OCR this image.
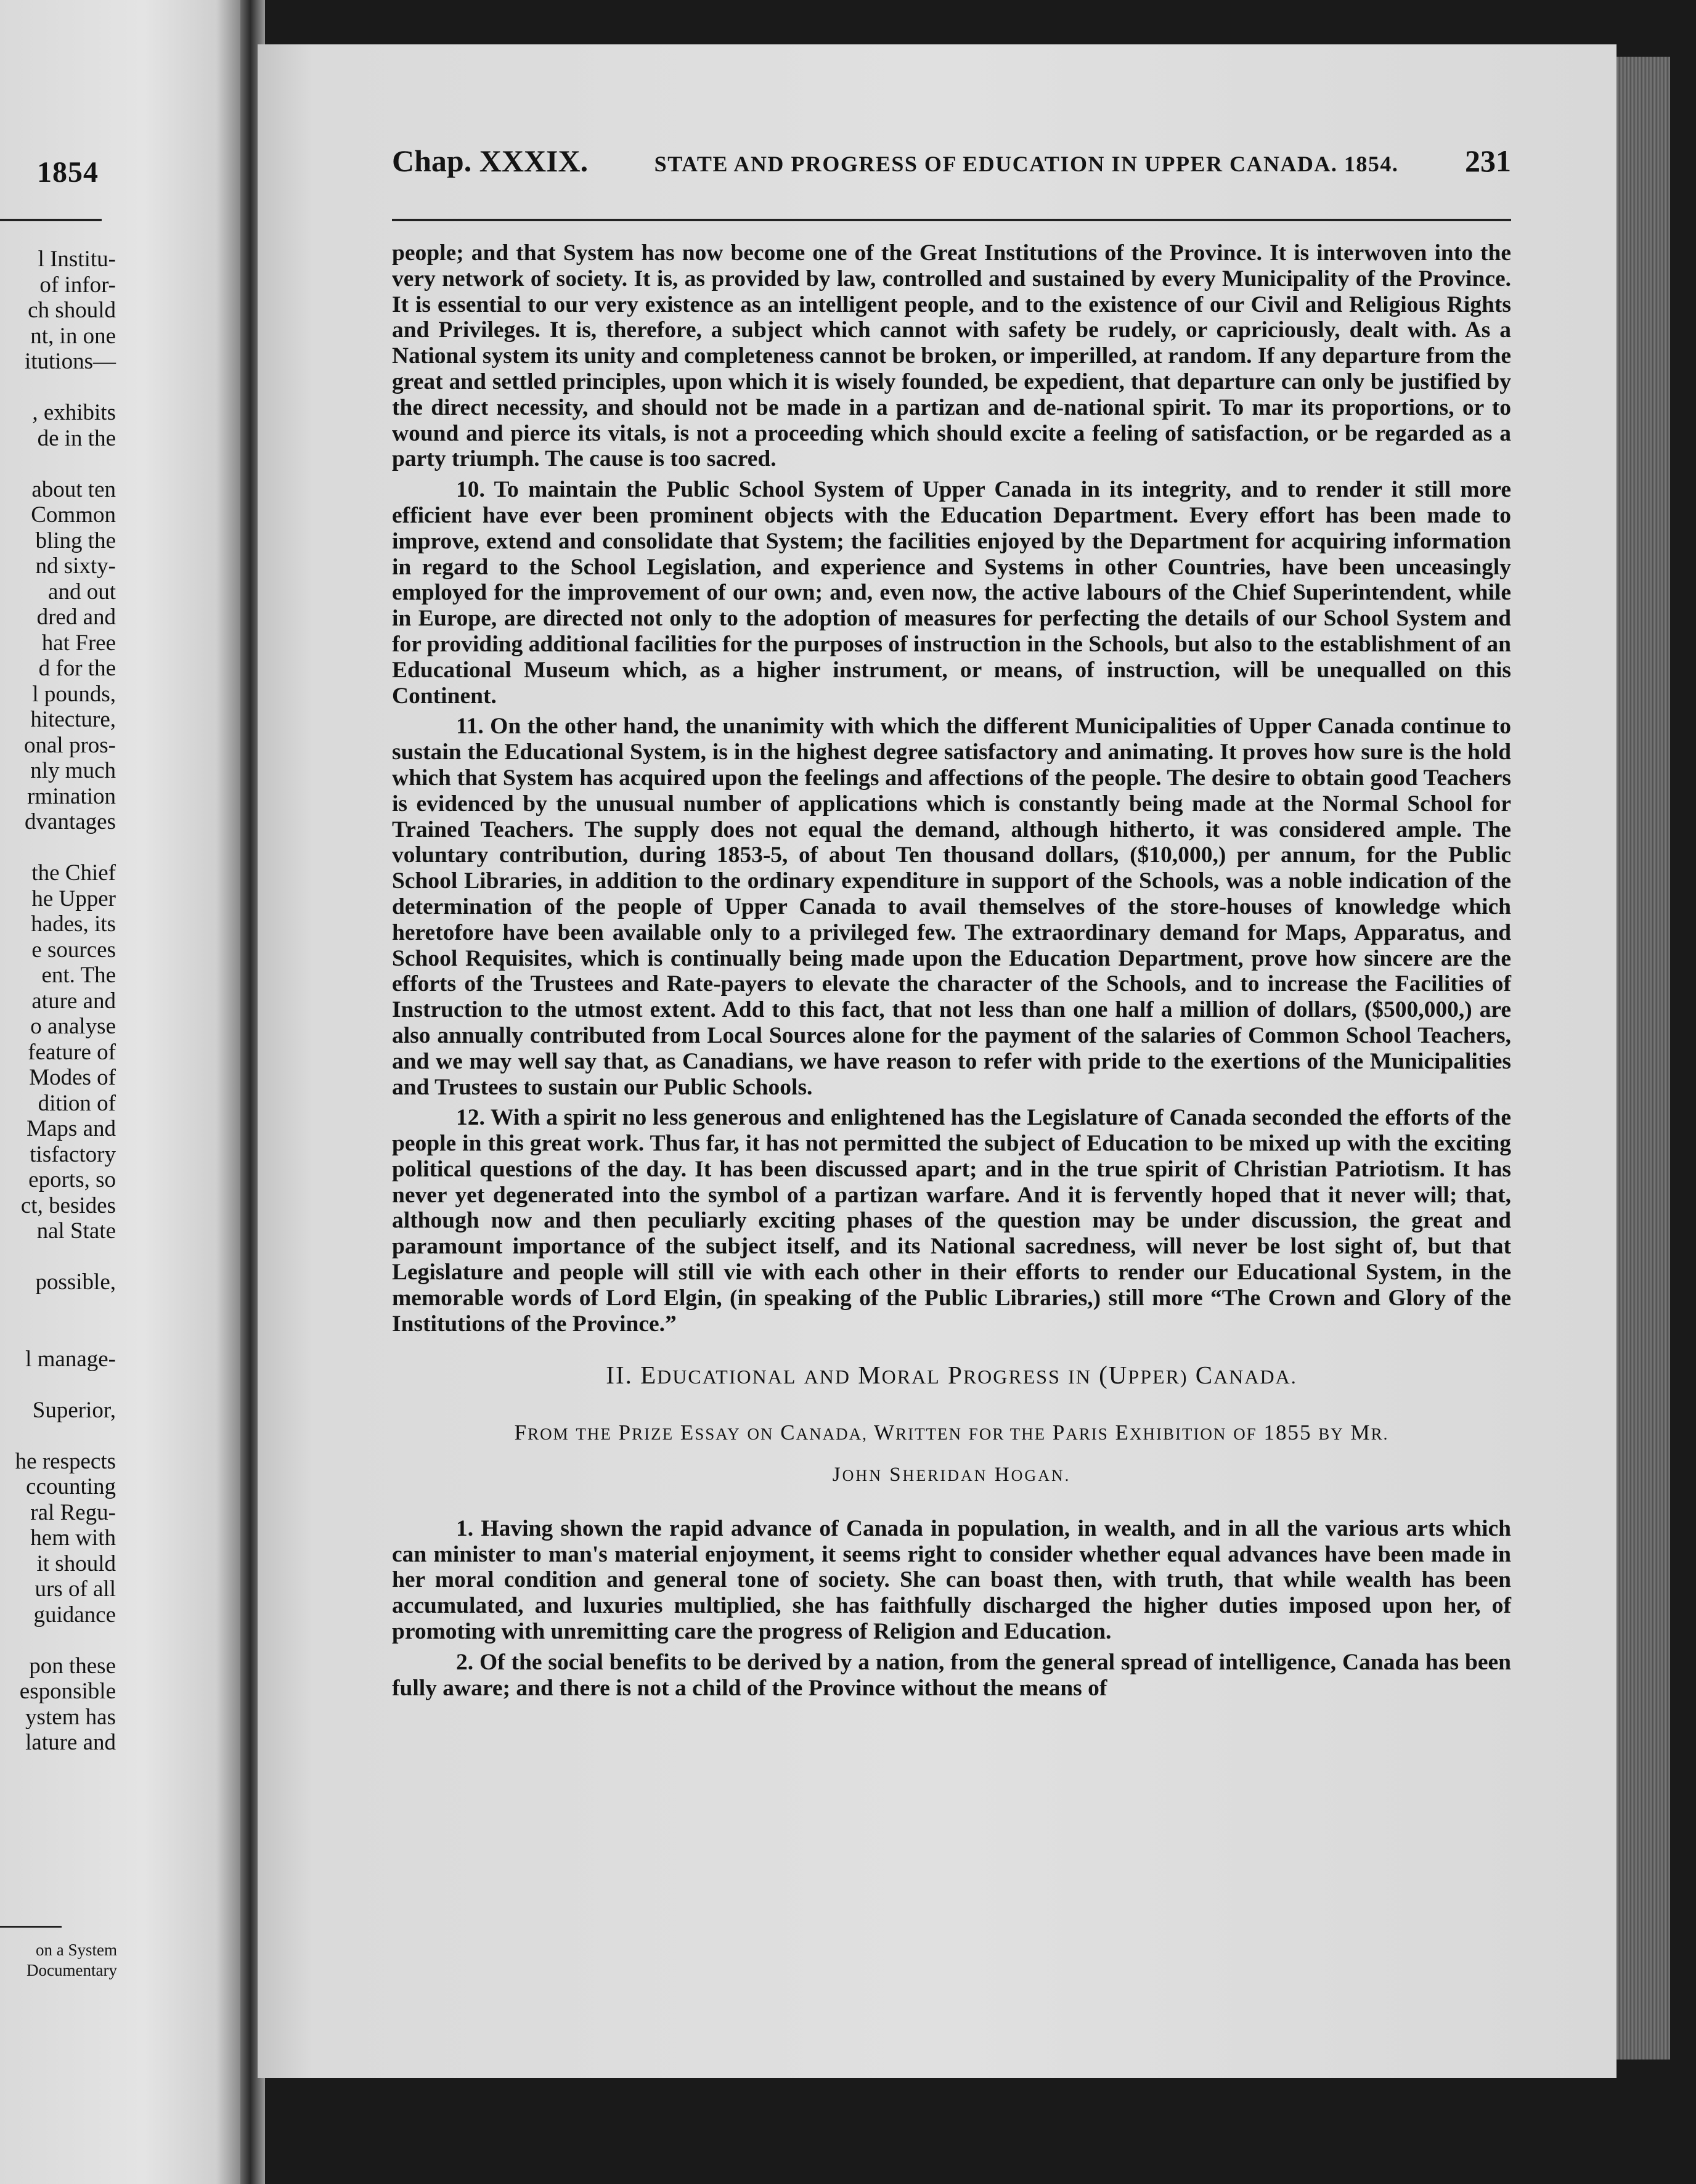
1854
l Institu-
of infor-
ch should
nt, in one
itutions—
, exhibits
de in the
about ten
Common
bling the
nd sixty-
and out
dred and
hat Free
d for the
l pounds,
hitecture,
onal pros-
nly much
rmination
dvantages
the Chief
he Upper
hades, its
e sources
ent. The
ature and
o analyse
feature of
Modes of
dition of
Maps and
tisfactory
eports, so
ct, besides
nal State
possible,
l manage-
Superior,
he respects
ccounting
ral Regu-
hem with
it should
urs of all
guidance
pon these
esponsible
ystem has
lature and
on a System
Documentary
Chap. XXXIX.	STATE AND PROGRESS OF EDUCATION IN UPPER CANADA. 1854. 231

people; and that System has now become one of the Great Institutions of the Province. It is interwoven into the very network of society. It is, as provided by law, controlled and sustained by every Municipality of the Province. It is essential to our very existence as an intelligent people, and to the existence of our Civil and Religious Rights and Privileges. It is, therefore, a subject which cannot with safety be rudely, or capriciously, dealt with. As a National system its unity and completeness cannot be broken, or imperilled, at random. If any departure from the great and settled principles, upon which it is wisely founded, be expedient, that departure can only be justified by the direct necessity, and should not be made in a partizan and de-national spirit. To mar its proportions, or to wound and pierce its vitals, is not a proceeding which should excite a feeling of satisfaction, or be regarded as a party triumph. The cause is too sacred.

10. To maintain the Public School System of Upper Canada in its integrity, and to render it still more efficient have ever been prominent objects with the Education Department. Every effort has been made to improve, extend and consolidate that System; the facilities enjoyed by the Department for acquiring information in regard to the School Legislation, and experience and Systems in other Countries, have been unceasingly employed for the improvement of our own; and, even now, the active labours of the Chief Superintendent, while in Europe, are directed not only to the adoption of measures for perfecting the details of our School System and for providing additional facilities for the purposes of instruction in the Schools, but also to the establishment of an Educational Museum which, as a higher instrument, or means, of instruction, will be unequalled on this Continent.

11. On the other hand, the unanimity with which the different Municipalities of Upper Canada continue to sustain the Educational System, is in the highest degree satisfactory and animating. It proves how sure is the hold which that System has acquired upon the feelings and affections of the people. The desire to obtain good Teachers is evidenced by the unusual number of applications which is constantly being made at the Normal School for Trained Teachers. The supply does not equal the demand, although hitherto, it was considered ample. The voluntary contribution, during 1853-5, of about Ten thousand dollars, ($10,000,) per annum, for the Public School Libraries, in addition to the ordinary expenditure in support of the Schools, was a noble indication of the determination of the people of Upper Canada to avail themselves of the store-houses of knowledge which heretofore have been available only to a privileged few. The extraordinary demand for Maps, Apparatus, and School Requisites, which is continually being made upon the Education Department, prove how sincere are the efforts of the Trustees and Rate-payers to elevate the character of the Schools, and to increase the Facilities of Instruction to the utmost extent. Add to this fact, that not less than one half a million of dollars, ($500,000,) are also annually contributed from Local Sources alone for the payment of the salaries of Common School Teachers, and we may well say that, as Canadians, we have reason to refer with pride to the exertions of the Municipalities and Trustees to sustain our Public Schools.

12. With a spirit no less generous and enlightened has the Legislature of Canada seconded the efforts of the people in this great work. Thus far, it has not permitted the subject of Education to be mixed up with the exciting political questions of the day. It has been discussed apart; and in the true spirit of Christian Patriotism. It has never yet degenerated into the symbol of a partizan warfare. And it is fervently hoped that it never will; that, although now and then peculiarly exciting phases of the question may be under discussion, the great and paramount importance of the subject itself, and its National sacredness, will never be lost sight of, but that Legislature and people will still vie with each other in their efforts to render our Educational System, in the memorable words of Lord Elgin, (in speaking of the Public Libraries,) still more “The Crown and Glory of the Institutions of the Province.”

II. EDUCATIONAL AND MORAL PROGRESS IN (UPPER) CANADA.
FROM THE PRIZE ESSAY ON CANADA, WRITTEN FOR THE PARIS EXHIBITION OF 1855 BY MR.
JOHN SHERIDAN HOGAN.

1. Having shown the rapid advance of Canada in population, in wealth, and in all the various arts which can minister to man's material enjoyment, it seems right to consider whether equal advances have been made in her moral condition and general tone of society. She can boast then, with truth, that while wealth has been accumulated, and luxuries multiplied, she has faithfully discharged the higher duties imposed upon her, of promoting with unremitting care the progress of Religion and Education.

2. Of the social benefits to be derived by a nation, from the general spread of intelligence, Canada has been fully aware; and there is not a child of the Province without the means of
